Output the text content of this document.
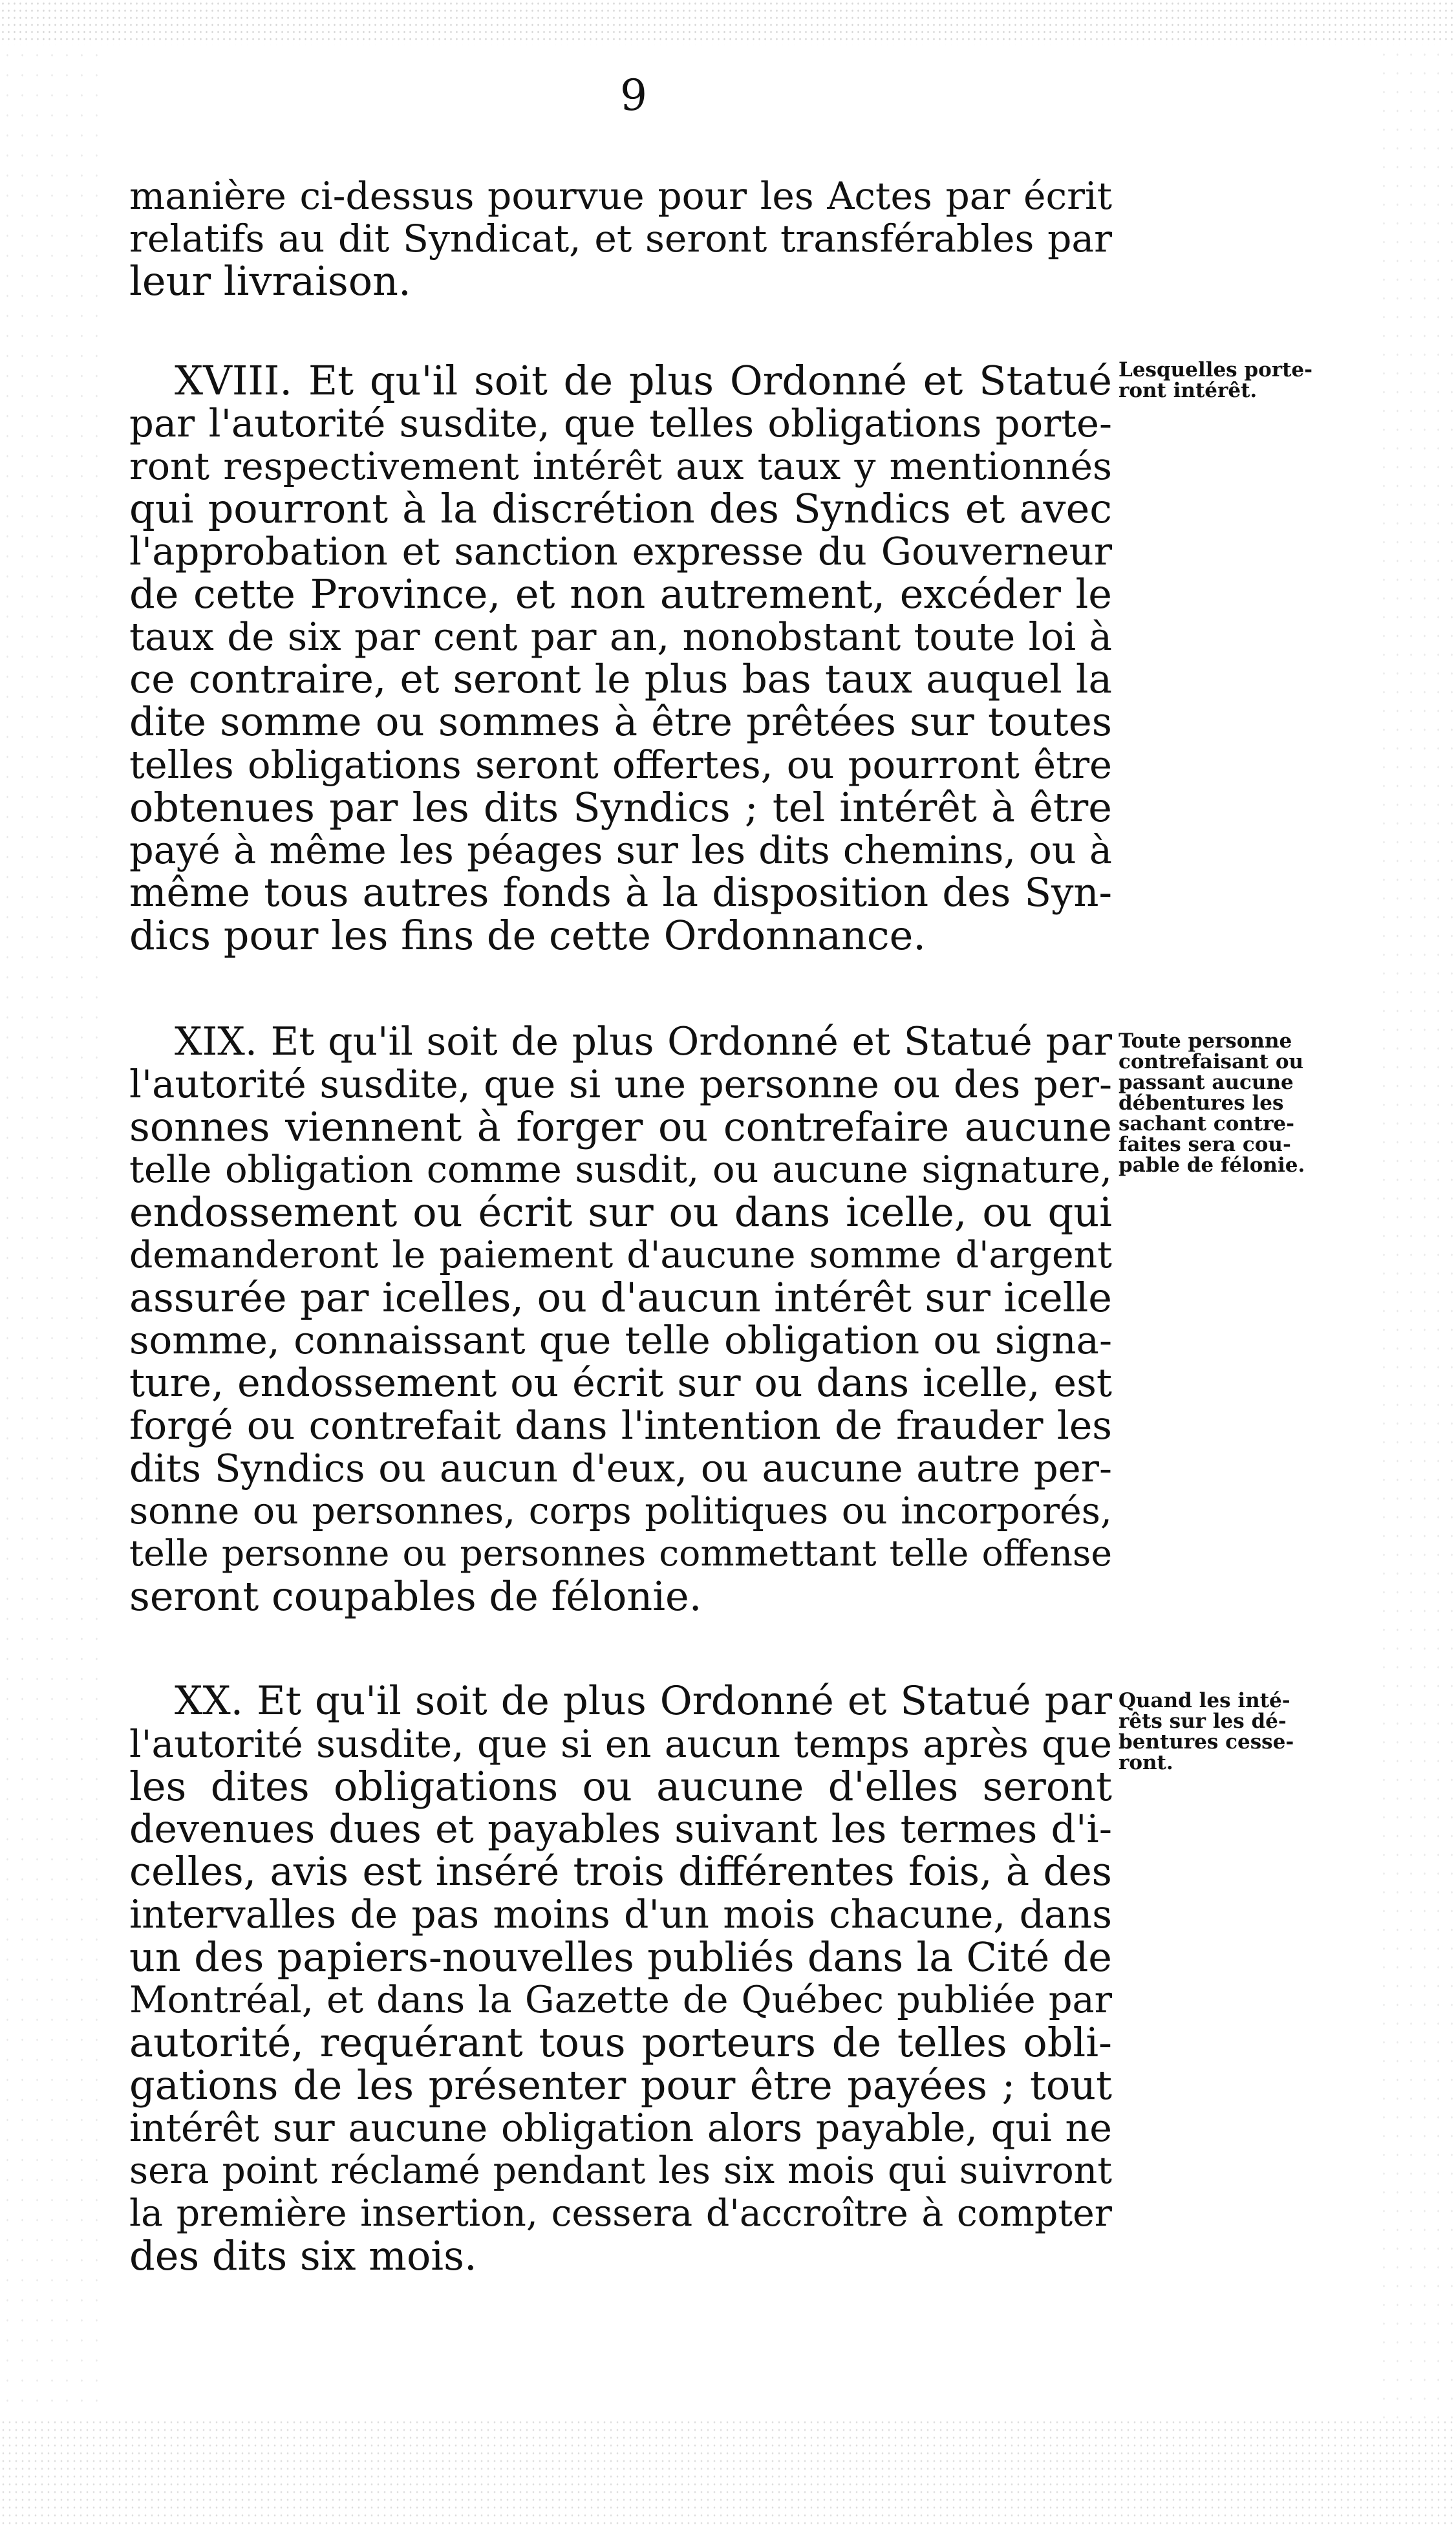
9
manière ci-dessus pourvue pour les Actes par écrit
relatifs au dit Syndicat, et seront transférables par
leur livraison.
XVIII. Et qu'il soit de plus Ordonné et Statué
par l'autorité susdite, que telles obligations porte-
ront respectivement intérêt aux taux y mentionnés
qui pourront à la discrétion des Syndics et avec
l'approbation et sanction expresse du Gouverneur
de cette Province, et non autrement, excéder le
taux de six par cent par an, nonobstant toute loi à
ce contraire, et seront le plus bas taux auquel la
dite somme ou sommes à être prêtées sur toutes
telles obligations seront offertes, ou pourront être
obtenues par les dits Syndics ; tel intérêt à être
payé à même les péages sur les dits chemins, ou à
même tous autres fonds à la disposition des Syn-
dics pour les fins de cette Ordonnance.
Lesquelles porte-
ront intérêt.
XIX. Et qu'il soit de plus Ordonné et Statué par
l'autorité susdite, que si une personne ou des per-
sonnes viennent à forger ou contrefaire aucune
telle obligation comme susdit, ou aucune signature,
endossement ou écrit sur ou dans icelle, ou qui
demanderont le paiement d'aucune somme d'argent
assurée par icelles, ou d'aucun intérêt sur icelle
somme, connaissant que telle obligation ou signa-
ture, endossement ou écrit sur ou dans icelle, est
forgé ou contrefait dans l'intention de frauder les
dits Syndics ou aucun d'eux, ou aucune autre per-
sonne ou personnes, corps politiques ou incorporés,
telle personne ou personnes commettant telle offense
seront coupables de félonie.
Toute personne
contrefaisant ou
passant aucune
débentures les
sachant contre-
faites sera cou-
pable de félonie.
XX. Et qu'il soit de plus Ordonné et Statué par
l'autorité susdite, que si en aucun temps après que
les dites obligations ou aucune d'elles seront
devenues dues et payables suivant les termes d'i-
celles, avis est inséré trois différentes fois, à des
intervalles de pas moins d'un mois chacune, dans
un des papiers-nouvelles publiés dans la Cité de
Montréal, et dans la Gazette de Québec publiée par
autorité, requérant tous porteurs de telles obli-
gations de les présenter pour être payées ; tout
intérêt sur aucune obligation alors payable, qui ne
sera point réclamé pendant les six mois qui suivront
la première insertion, cessera d'accroître à compter
des dits six mois.
Quand les inté-
rêts sur les dé-
bentures cesse-
ront.
